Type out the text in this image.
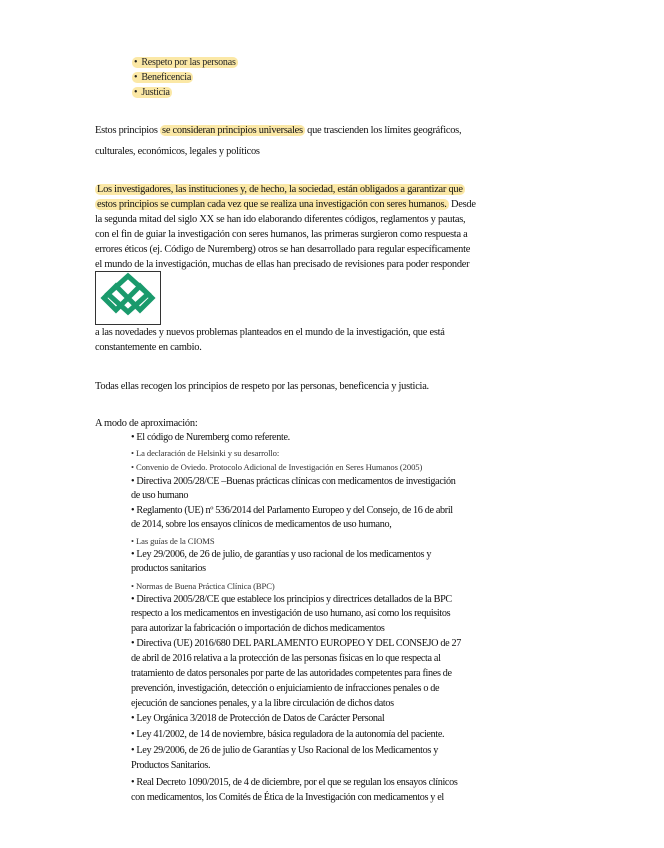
• Respeto por las personas
• Beneficencia
• Justicia
Estos principios se consideran principios universales que trascienden los límites geográficos,
culturales, económicos, legales y políticos
Los investigadores, las instituciones y, de hecho, la sociedad, están obligados a garantizar que
estos principios se cumplan cada vez que se realiza una investigación con seres humanos. Desde
la segunda mitad del siglo XX se han ido elaborando diferentes códigos, reglamentos y pautas,
con el fin de guiar la investigación con seres humanos, las primeras surgieron como respuesta a
errores éticos (ej. Código de Nuremberg) otros se han desarrollado para regular específicamente
el mundo de la investigación, muchas de ellas han precisado de revisiones para poder responder
a las novedades y nuevos problemas planteados en el mundo de la investigación, que está
constantemente en cambio.
Todas ellas recogen los principios de respeto por las personas, beneficencia y justicia.
A modo de aproximación:
• El código de Nuremberg como referente.
• La declaración de Helsinki y su desarrollo:
• Convenio de Oviedo. Protocolo Adicional de Investigación en Seres Humanos (2005)
• Directiva 2005/28/CE –Buenas prácticas clínicas con medicamentos de investigación
de uso humano
• Reglamento (UE) nº 536/2014 del Parlamento Europeo y del Consejo, de 16 de abril
de 2014, sobre los ensayos clínicos de medicamentos de uso humano,
• Las guías de la CIOMS
• Ley 29/2006, de 26 de julio, de garantías y uso racional de los medicamentos y
productos sanitarios
• Normas de Buena Práctica Clínica (BPC)
• Directiva 2005/28/CE que establece los principios y directrices detallados de la BPC
respecto a los medicamentos en investigación de uso humano, así como los requisitos
para autorizar la fabricación o importación de dichos medicamentos
• Directiva (UE) 2016/680 DEL PARLAMENTO EUROPEO Y DEL CONSEJO de 27
de abril de 2016 relativa a la protección de las personas físicas en lo que respecta al
tratamiento de datos personales por parte de las autoridades competentes para fines de
prevención, investigación, detección o enjuiciamiento de infracciones penales o de
ejecución de sanciones penales, y a la libre circulación de dichos datos
• Ley Orgánica 3/2018 de Protección de Datos de Carácter Personal
• Ley 41/2002, de 14 de noviembre, básica reguladora de la autonomía del paciente.
• Ley 29/2006, de 26 de julio de Garantías y Uso Racional de los Medicamentos y
Productos Sanitarios.
• Real Decreto 1090/2015, de 4 de diciembre, por el que se regulan los ensayos clínicos
con medicamentos, los Comités de Ética de la Investigación con medicamentos y el
